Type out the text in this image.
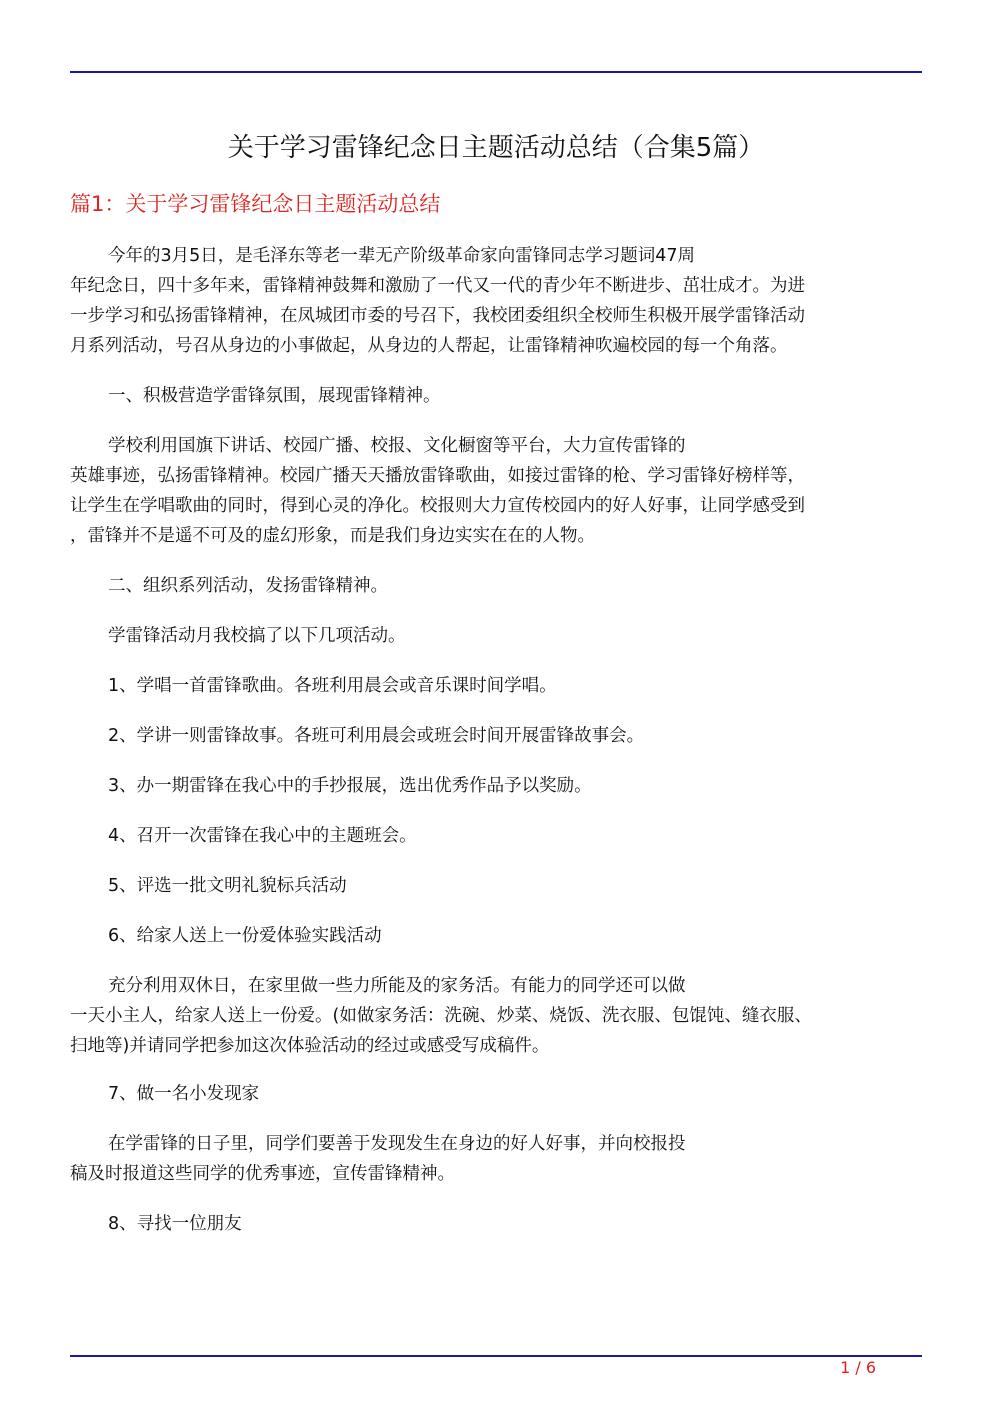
关于学习雷锋纪念日主题活动总结（合集5篇）
篇1：关于学习雷锋纪念日主题活动总结
今年的3月5日，是毛泽东等老一辈无产阶级革命家向雷锋同志学习题词47周
年纪念日，四十多年来，雷锋精神鼓舞和激励了一代又一代的青少年不断进步、茁壮成才。为进
一步学习和弘扬雷锋精神，在凤城团市委的号召下，我校团委组织全校师生积极开展学雷锋活动
月系列活动，号召从身边的小事做起，从身边的人帮起，让雷锋精神吹遍校园的每一个角落。
一、积极营造学雷锋氛围，展现雷锋精神。
学校利用国旗下讲话、校园广播、校报、文化橱窗等平台，大力宣传雷锋的
英雄事迹，弘扬雷锋精神。校园广播天天播放雷锋歌曲，如接过雷锋的枪、学习雷锋好榜样等，
让学生在学唱歌曲的同时，得到心灵的净化。校报则大力宣传校园内的好人好事，让同学感受到
，雷锋并不是遥不可及的虚幻形象，而是我们身边实实在在的人物。
二、组织系列活动，发扬雷锋精神。
学雷锋活动月我校搞了以下几项活动。
1、学唱一首雷锋歌曲。各班利用晨会或音乐课时间学唱。
2、学讲一则雷锋故事。各班可利用晨会或班会时间开展雷锋故事会。
3、办一期雷锋在我心中的手抄报展，选出优秀作品予以奖励。
4、召开一次雷锋在我心中的主题班会。
5、评选一批文明礼貌标兵活动
6、给家人送上一份爱体验实践活动
充分利用双休日，在家里做一些力所能及的家务活。有能力的同学还可以做
一天小主人，给家人送上一份爱。(如做家务活：洗碗、炒菜、烧饭、洗衣服、包馄饨、缝衣服、
扫地等)并请同学把参加这次体验活动的经过或感受写成稿件。
7、做一名小发现家
在学雷锋的日子里，同学们要善于发现发生在身边的好人好事，并向校报投
稿及时报道这些同学的优秀事迹，宣传雷锋精神。
8、寻找一位朋友
1 / 6
